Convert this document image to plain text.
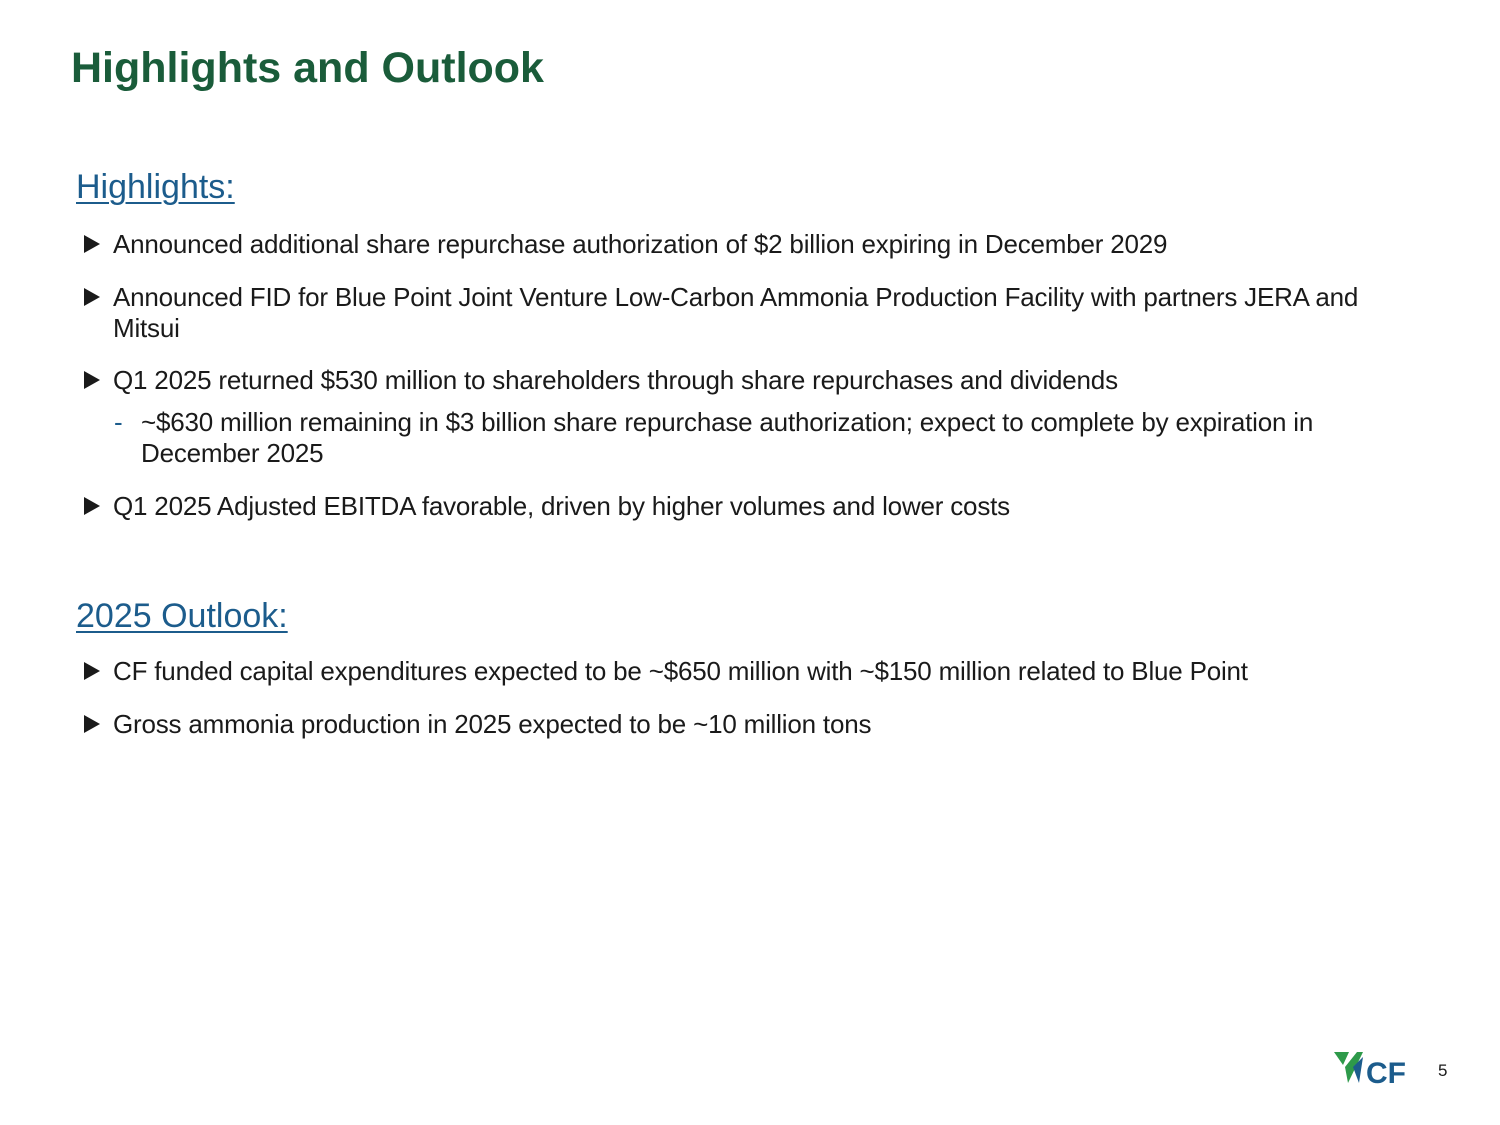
Highlights and Outlook
Highlights:
Announced additional share repurchase authorization of $2 billion expiring in December 2029
Announced FID for Blue Point Joint Venture Low-Carbon Ammonia Production Facility with partners JERA and Mitsui
Q1 2025 returned $530 million to shareholders through share repurchases and dividends
- ~$630 million remaining in $3 billion share repurchase authorization; expect to complete by expiration in December 2025
Q1 2025 Adjusted EBITDA favorable, driven by higher volumes and lower costs
2025 Outlook:
CF funded capital expenditures expected to be ~$650 million with ~$150 million related to Blue Point
Gross ammonia production in 2025 expected to be ~10 million tons
CF 5
